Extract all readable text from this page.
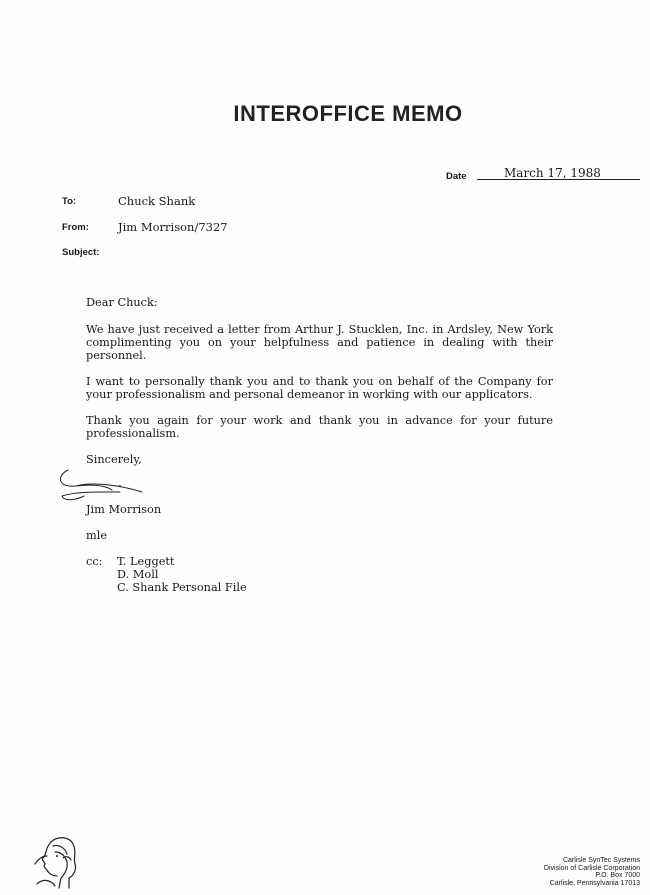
INTEROFFICE MEMO
Date	March 17, 1988
To:	Chuck Shank
From:	Jim Morrison/7327
Subject:
Dear Chuck:

We have just received a letter from Arthur J. Stucklen, Inc. in Ardsley, New York complimenting you on your helpfulness and patience in dealing with their personnel.

I want to personally thank you and to thank you on behalf of the Company for your professionalism and personal demeanor in working with our applicators.

Thank you again for your work and thank you in advance for your future professionalism.

Sincerely,
Jim Morrison
mle
cc: T. Leggett
D. Moll
C. Shank Personal File
Carlisle SynTec Systems
Division of Carlisle Corporation
P.O. Box 7000
Carlisle, Pennsylvania 17013
